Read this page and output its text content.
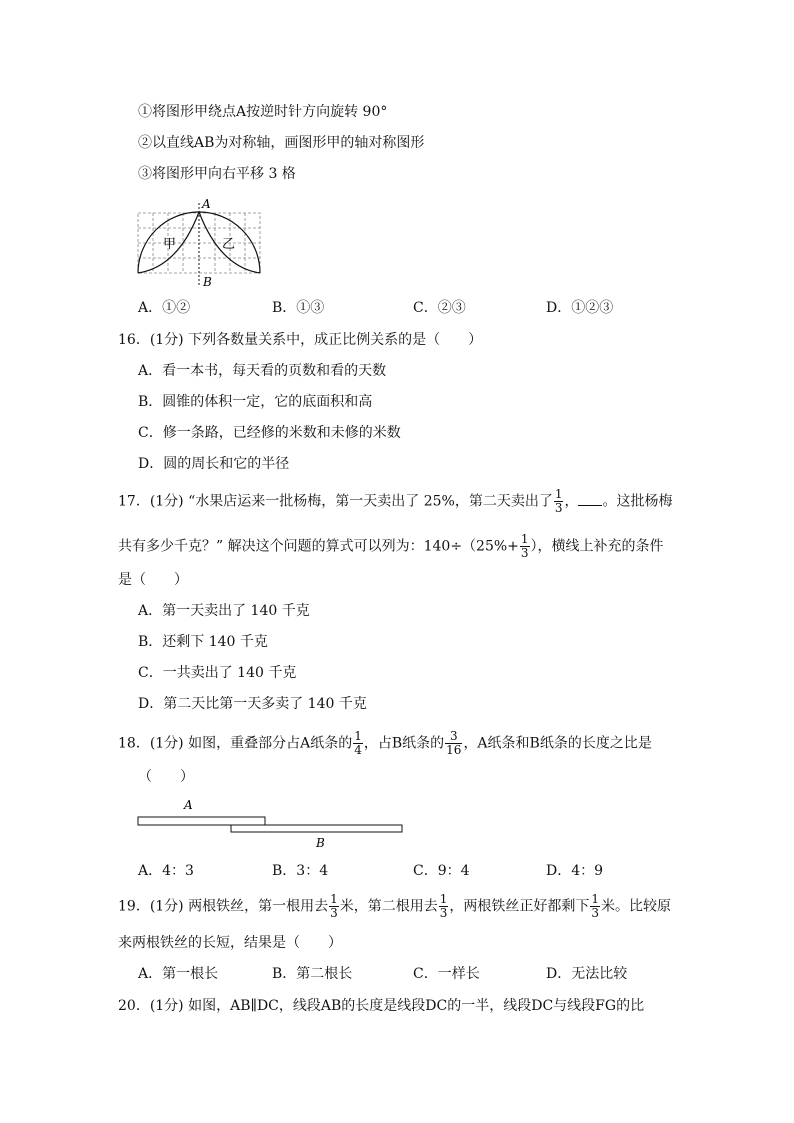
①将图形甲绕点A按逆时针方向旋转 90°
②以直线AB为对称轴，画图形甲的轴对称图形
③将图形甲向右平移 3 格
A
B
甲	乙
A．①②	B．①③	C．②③	D．①②③
16．(1分) 下列各数量关系中，成正比例关系的是（　　）
A．看一本书，每天看的页数和看的天数
B．圆锥的体积一定，它的底面积和高
C．修一条路，已经修的米数和未修的米数
D．圆的周长和它的半径
17．(1分) “水果店运来一批杨梅，第一天卖出了 25%，第二天卖出了 $\frac{1}{3}$ ， 。这批杨梅
共有多少千克？” 解决这个问题的算式可以列为：$140\div(25\%+ \frac{1}{3}$ ），横线上补充的条件
是（　　）
A．第一天卖出了 140 千克
B．还剩下 140 千克
C．一共卖出了 140 千克
D．第二天比第一天多卖了 140 千克
18．(1分) 如图，重叠部分占A纸条的 $\frac{1}{4}$ ，占B纸条的 $\frac{3}{16}$ ，A纸条和B纸条的长度之比是
（　　）
A
B
A．4：3	B．3：4	C．9：4	D．4：9
19．(1分) 两根铁丝，第一根用去 $\frac{1}{3}$ 米，第二根用去 $\frac{1}{3}$ ，两根铁丝正好都剩下 $\frac{1}{3}$ 米。比较原
来两根铁丝的长短，结果是（　　）
A．第一根长	B．第二根长	C．一样长	D．无法比较
20．(1分) 如图，AB∥DC，线段AB的长度是线段DC的一半，线段DC与线段FG的比
